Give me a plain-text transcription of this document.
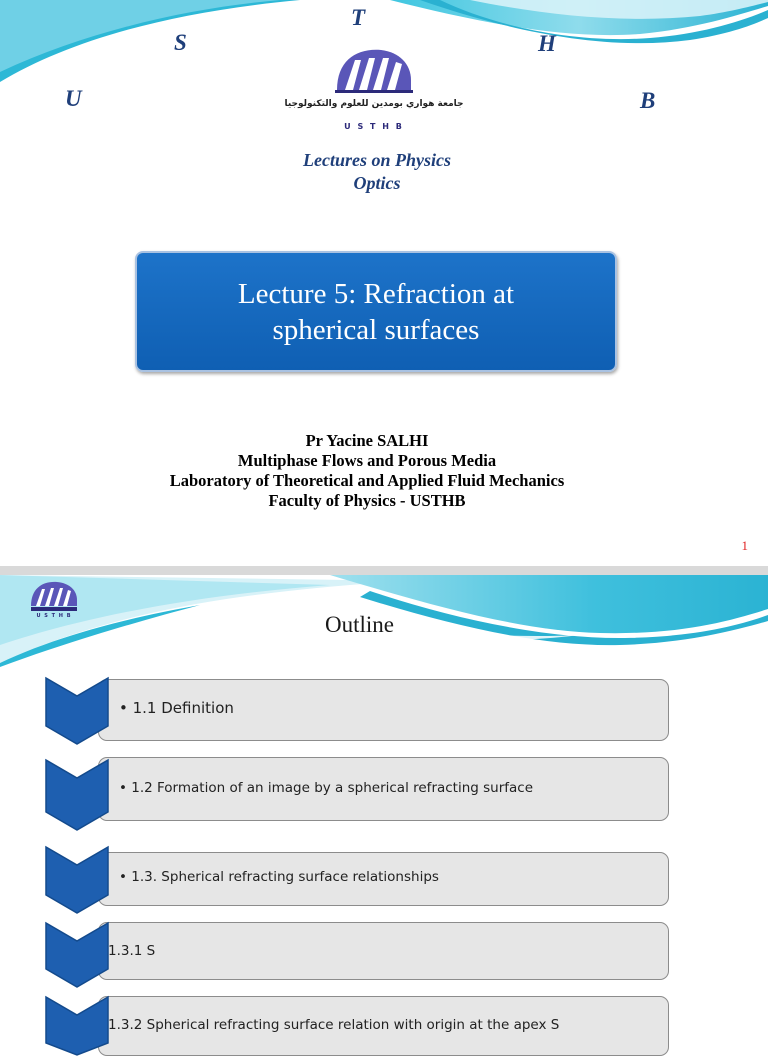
U
S
T
H
B
جامعة هواري بومدين للعلوم والتكنولوجيا
U S T H B
Lectures on Physics
Optics
Lecture 5: Refraction at
spherical surfaces
Pr Yacine SALHI
Multiphase Flows and Porous Media
Laboratory of Theoretical and Applied Fluid Mechanics
Faculty of Physics - USTHB
1
U S T H B	Outline
• 1.1 Definition
• 1.2 Formation of an image by a spherical refracting surface
• 1.3. Spherical refracting surface relationships
1.3.1 S
1.3.2 Spherical refracting surface relation with origin at the apex S
